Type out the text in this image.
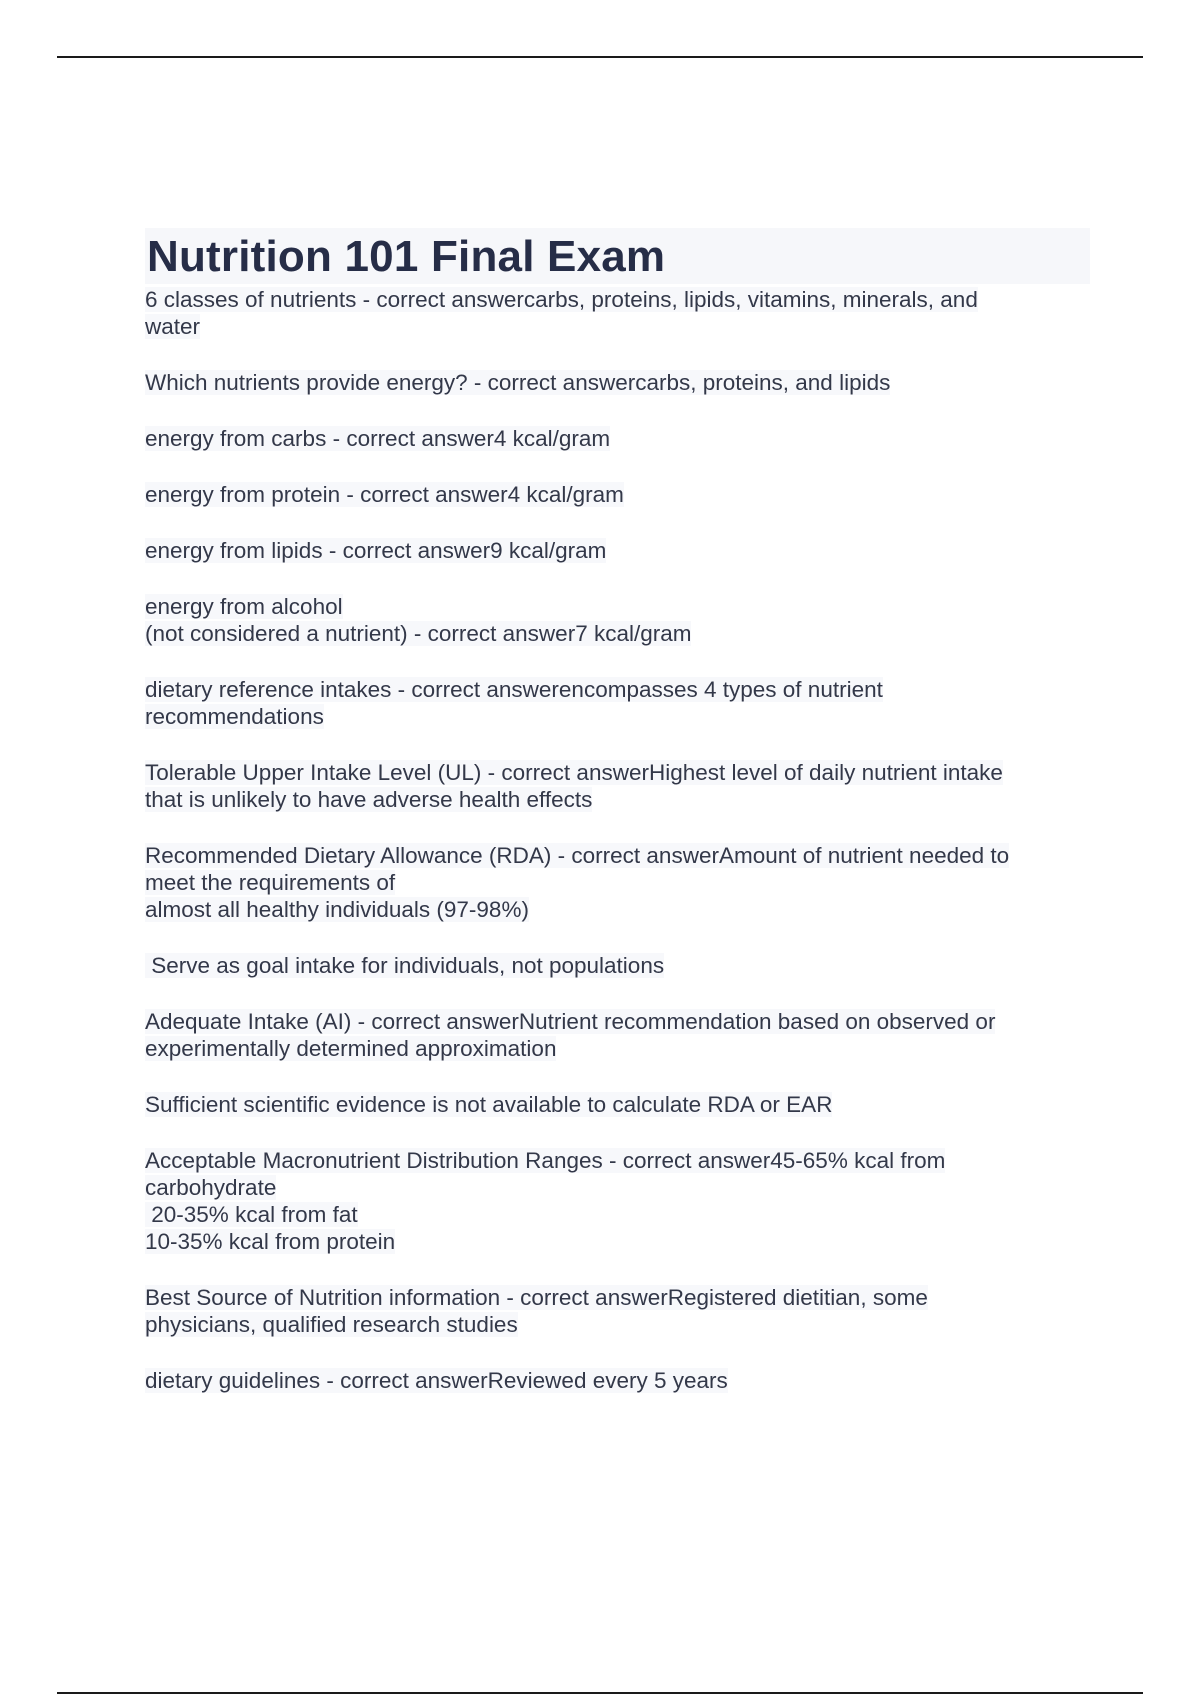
Nutrition 101 Final Exam
6 classes of nutrients - correct answercarbs, proteins, lipids, vitamins, minerals, and
water
Which nutrients provide energy? - correct answercarbs, proteins, and lipids
energy from carbs - correct answer4 kcal/gram
energy from protein - correct answer4 kcal/gram
energy from lipids - correct answer9 kcal/gram
energy from alcohol
(not considered a nutrient) - correct answer7 kcal/gram
dietary reference intakes - correct answerencompasses 4 types of nutrient
recommendations
Tolerable Upper Intake Level (UL) - correct answerHighest level of daily nutrient intake
that is unlikely to have adverse health effects
Recommended Dietary Allowance (RDA) - correct answerAmount of nutrient needed to
meet the requirements of
almost all healthy individuals (97-98%)
Serve as goal intake for individuals, not populations
Adequate Intake (AI) - correct answerNutrient recommendation based on observed or
experimentally determined approximation
Sufficient scientific evidence is not available to calculate RDA or EAR
Acceptable Macronutrient Distribution Ranges - correct answer45-65% kcal from
carbohydrate
20-35% kcal from fat
10-35% kcal from protein
Best Source of Nutrition information - correct answerRegistered dietitian, some
physicians, qualified research studies
dietary guidelines - correct answerReviewed every 5 years
